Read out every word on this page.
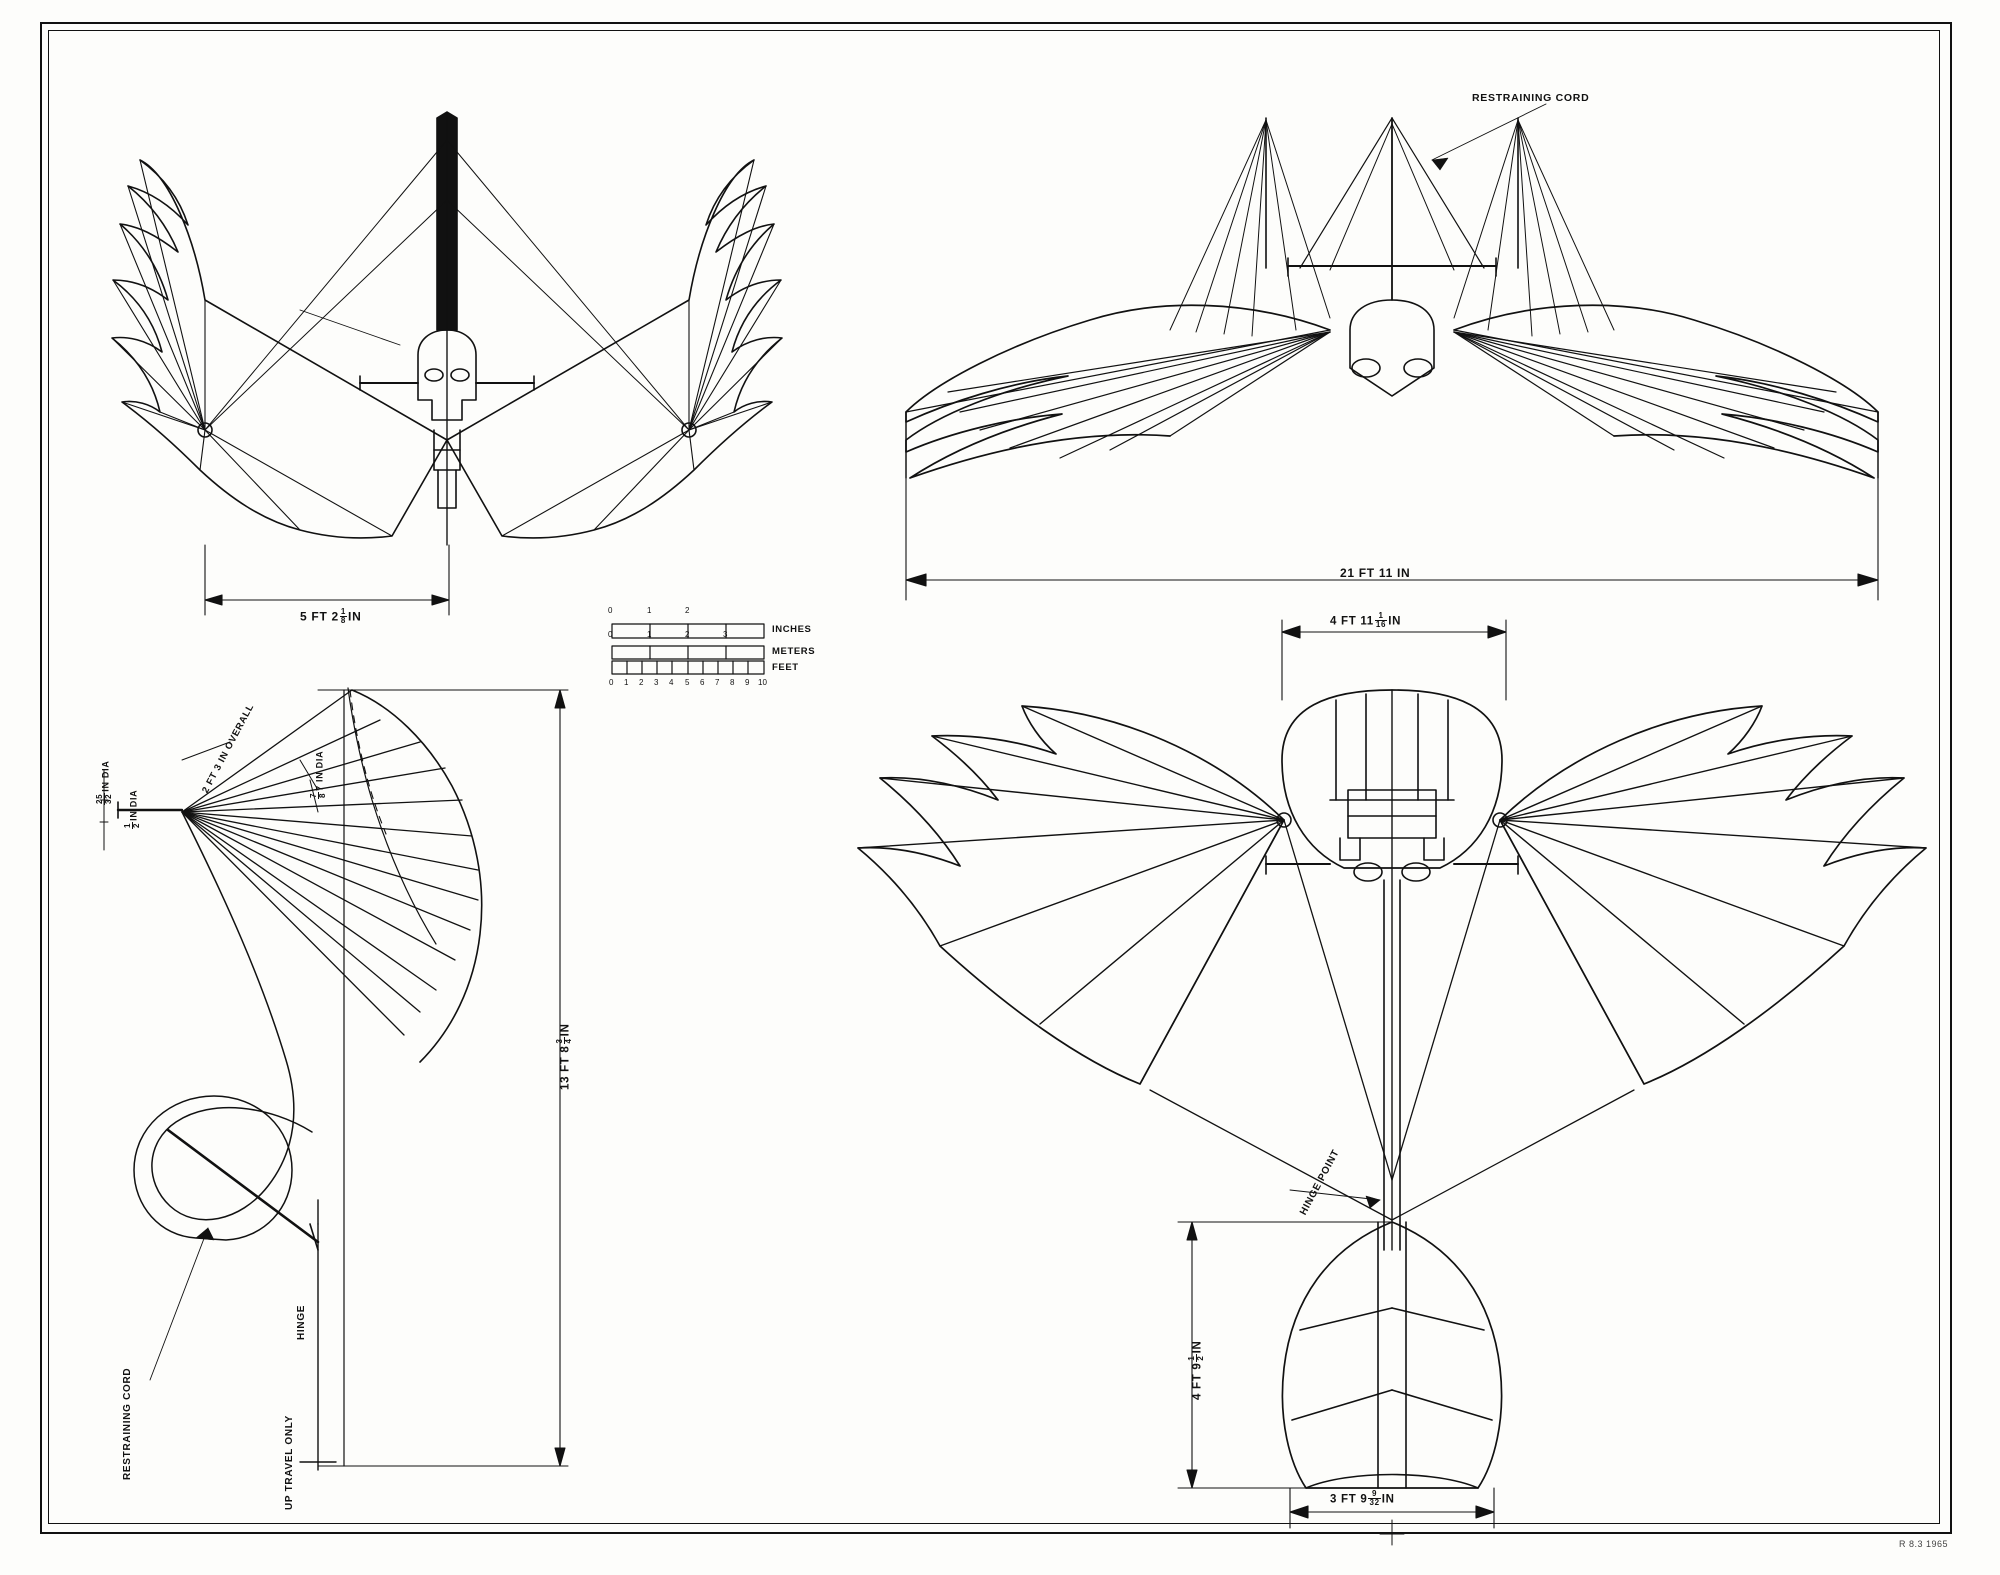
RESTRAINING CORD
5 FT $2 \frac{1}{8}$ IN
21 FT 11 IN
4 FT $11 \frac{1}{16}$ IN
13 FT 8
3 4
IN
4 FT 9
1 2
IN
3 FT $9 \frac{9}{32}$ IN
HINGE POINT
HINGE
RESTRAINING CORD	UP TRAVEL ONLY
2 FT 3 IN OVERALL
7 8
7 IN DIA
25 32
IN DIA
1 2
IN DIA
0	1	2
0	1	2	3
0 1 2 3 4 5 6 7 8 9 10
INCHES
METERS
FEET
R 8.3 1965
